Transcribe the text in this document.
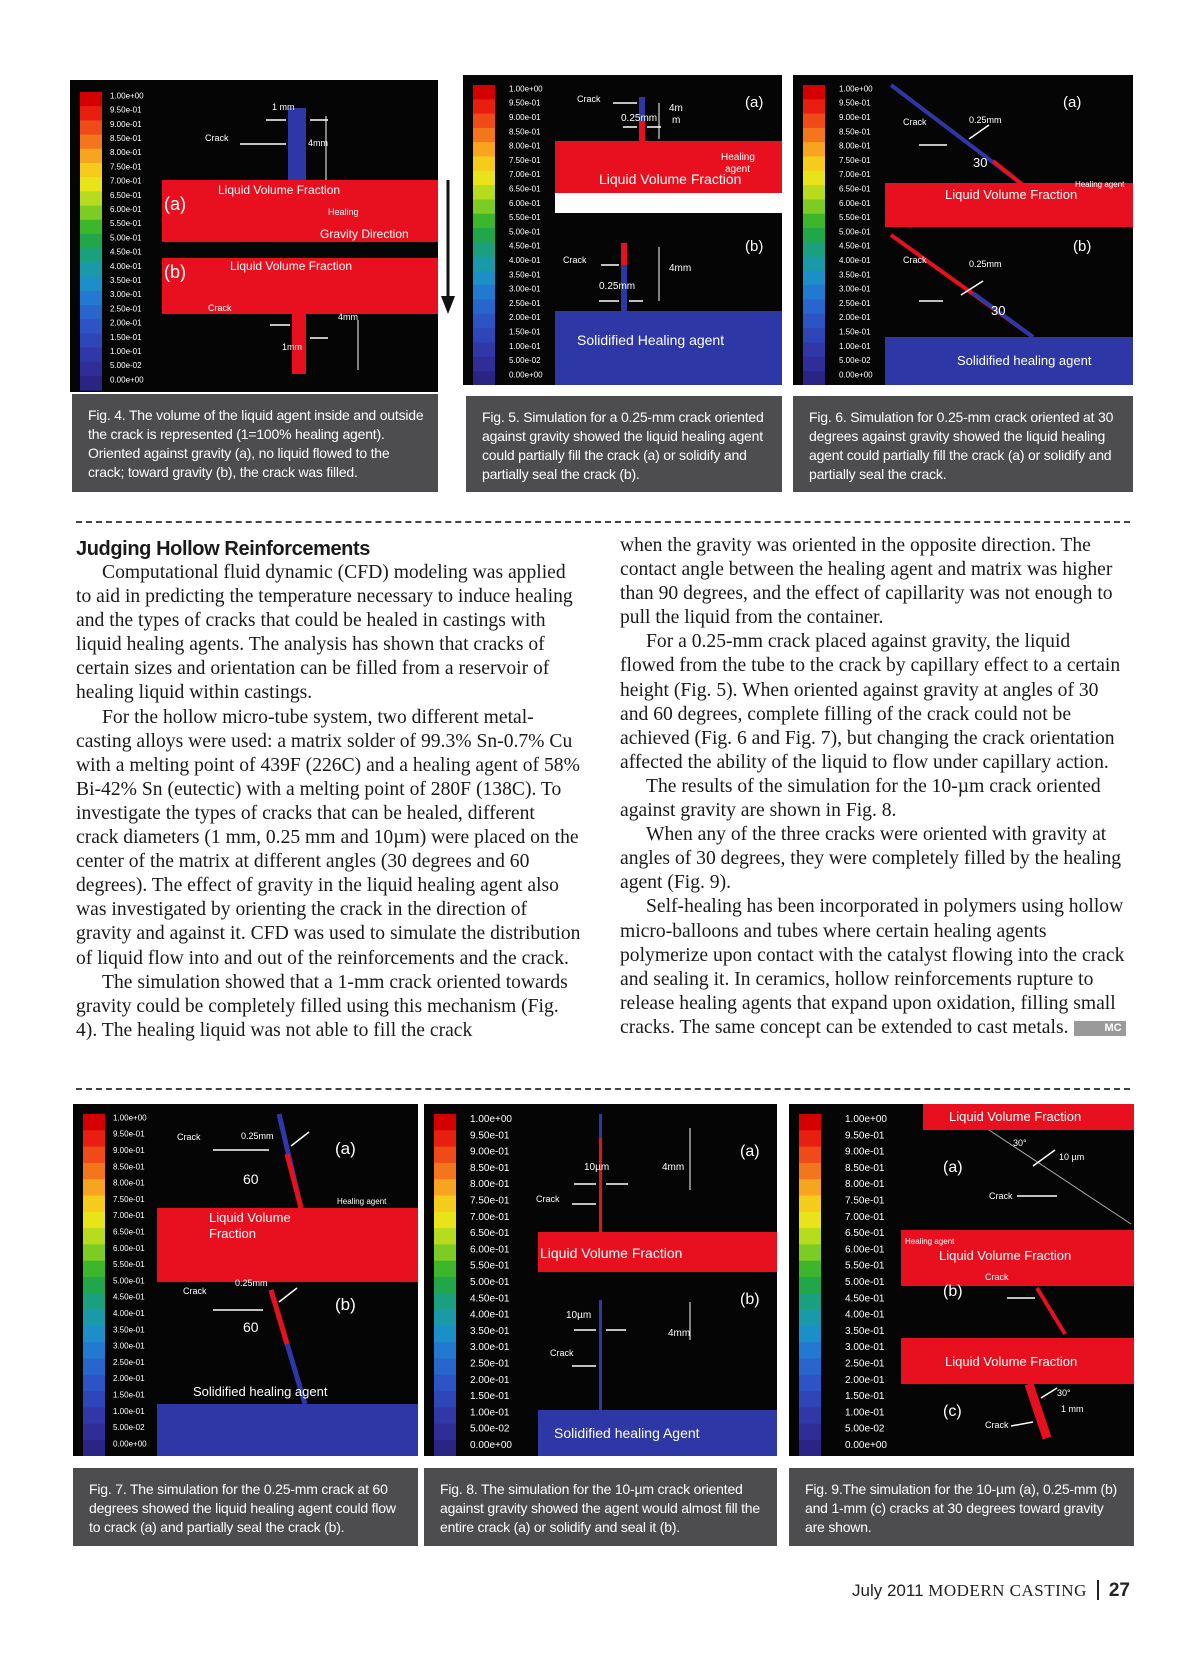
1.00e+00
9.50e-01
9.00e-01
8.50e-01
8.00e-01
7.50e-01
7.00e-01
6.50e-01
6.00e-01
5.50e-01
5.00e-01
4.50e-01
4.00e-01
3.50e-01
3.00e-01
2.50e-01
2.00e-01
1.50e-01
1.00e-01
5.00e-02
0.00e+00
1 mm
4mm
Crack
(a)
Liquid Volume Fraction
Healing
Gravity Direction
(b)	Liquid Volume Fraction
Crack
4mm
1mm
Fig. 4. The volume of the liquid agent inside and outside the crack is represented (1=100% healing agent). Oriented against gravity (a), no liquid flowed to the crack; toward gravity (b), the crack was filled.
1.00e+00
9.50e-01
9.00e-01
8.50e-01
8.00e-01
7.50e-01
7.00e-01
6.50e-01
6.00e-01
5.50e-01
5.00e-01
4.50e-01
4.00e-01
3.50e-01
3.00e-01
2.50e-01
2.00e-01
1.50e-01
1.00e-01
5.00e-02
0.00e+00
Crack
0.25mm
4m
m
(a)
Healing
agent
Liquid Volume Fraction
(b)
Crack
4mm
0.25mm
Solidified Healing agent
Fig. 5. Simulation for a 0.25-mm crack oriented against gravity showed the liquid healing agent could partially fill the crack (a) or solidify and partially seal the crack (b).
1.00e+00
9.50e-01
9.00e-01
8.50e-01
8.00e-01
7.50e-01
7.00e-01
6.50e-01
6.00e-01
5.50e-01
5.00e-01
4.50e-01
4.00e-01
3.50e-01
3.00e-01
2.50e-01
2.00e-01
1.50e-01
1.00e-01
5.00e-02
0.00e+00
(a)
Crack	0.25mm
30
Healing agent
Liquid Volume Fraction
(b)
Crack	0.25mm
30
Solidified healing agent
Fig. 6. Simulation for 0.25-mm crack oriented at 30 degrees against gravity showed the liquid healing agent could partially fill the crack (a) or solidify and partially seal the crack.
Judging Hollow Reinforcements

Computational fluid dynamic (CFD) modeling was applied to aid in predicting the temperature necessary to induce healing and the types of cracks that could be healed in castings with liquid healing agents. The analysis has shown that cracks of certain sizes and orientation can be filled from a reservoir of healing liquid within castings.

For the hollow micro-tube system, two different metal-casting alloys were used: a matrix solder of 99.3% Sn-0.7% Cu with a melting point of 439F (226C) and a healing agent of 58% Bi-42% Sn (eutectic) with a melting point of 280F (138C). To investigate the types of cracks that can be healed, different crack diameters (1 mm, 0.25 mm and 10µm) were placed on the center of the matrix at different angles (30 degrees and 60 degrees). The effect of gravity in the liquid healing agent also was investigated by orienting the crack in the direction of gravity and against it. CFD was used to simulate the distribution of liquid flow into and out of the reinforcements and the crack.

The simulation showed that a 1-mm crack oriented towards gravity could be completely filled using this mechanism (Fig. 4). The healing liquid was not able to fill the crack

when the gravity was oriented in the opposite direction. The contact angle between the healing agent and matrix was higher than 90 degrees, and the effect of capillarity was not enough to pull the liquid from the container.

For a 0.25-mm crack placed against gravity, the liquid flowed from the tube to the crack by capillary effect to a certain height (Fig. 5). When oriented against gravity at angles of 30 and 60 degrees, complete filling of the crack could not be achieved (Fig. 6 and Fig. 7), but changing the crack orientation affected the ability of the liquid to flow under capillary action.

The results of the simulation for the 10-µm crack oriented against gravity are shown in Fig. 8.

When any of the three cracks were oriented with gravity at angles of 30 degrees, they were completely filled by the healing agent (Fig. 9).

Self-healing has been incorporated in polymers using hollow micro-balloons and tubes where certain healing agents polymerize upon contact with the catalyst flowing into the crack and sealing it. In ceramics, hollow reinforcements rupture to release healing agents that expand upon oxidation, filling small cracks. The same concept can be extended to cast metals.	MC

1.00e+00
9.50e-01
9.00e-01
8.50e-01
8.00e-01
7.50e-01
7.00e-01
6.50e-01
6.00e-01
5.50e-01
5.00e-01
4.50e-01
4.00e-01
3.50e-01
3.00e-01
2.50e-01
2.00e-01
1.50e-01
1.00e-01
5.00e-02
0.00e+00
Crack	0.25mm
(a)
60
Healing agent
Liquid Volume
Fraction
Crack
0.25mm
(b)
60
Solidified healing agent
Fig. 7. The simulation for the 0.25-mm crack at 60 degrees showed the liquid healing agent could flow to crack (a) and partially seal the crack (b).
1.00e+00
9.50e-01
9.00e-01
8.50e-01
8.00e-01
7.50e-01
7.00e-01
6.50e-01
6.00e-01
5.50e-01
5.00e-01
4.50e-01
4.00e-01
3.50e-01
3.00e-01
2.50e-01
2.00e-01
1.50e-01
1.00e-01
5.00e-02
0.00e+00
(a)
10µm	4mm
Crack
Liquid Volume Fraction
(b)
10µm
4mm
Crack
Solidified healing Agent
Fig. 8. The simulation for the 10-µm crack oriented against gravity showed the agent would almost fill the entire crack (a) or solidify and seal it (b).
1.00e+00
9.50e-01
9.00e-01
8.50e-01
8.00e-01
7.50e-01
7.00e-01
6.50e-01
6.00e-01
5.50e-01
5.00e-01
4.50e-01
4.00e-01
3.50e-01
3.00e-01
2.50e-01
2.00e-01
1.50e-01
1.00e-01
5.00e-02
0.00e+00
Liquid Volume Fraction
30°
10 µm
(a)
Crack
Healing agent
Liquid Volume Fraction
Crack
(b)
Liquid Volume Fraction
30°
1 mm
(c)
Crack
Fig. 9.The simulation for the 10-µm (a), 0.25-mm (b) and 1-mm (c) cracks at 30 degrees toward gravity are shown.
July 2011 MODERN CASTING 27
